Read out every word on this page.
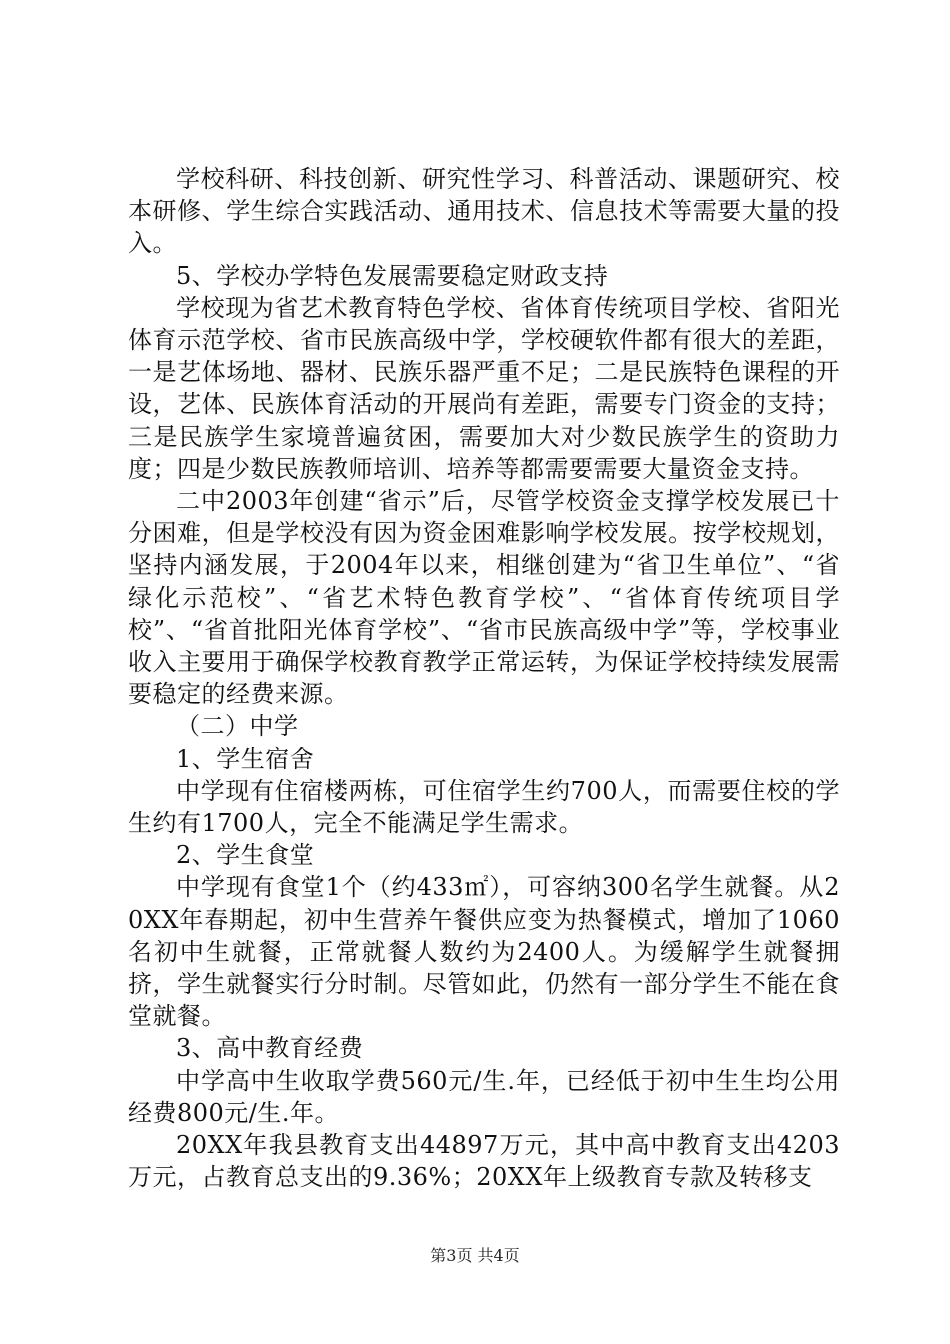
学校科研、科技创新、研究性学习、科普活动、课题研究、校本研修、学生综合实践活动、通用技术、信息技术等需要大量的投入。

5、学校办学特色发展需要稳定财政支持

学校现为省艺术教育特色学校、省体育传统项目学校、省阳光体育示范学校、省市民族高级中学，学校硬软件都有很大的差距，一是艺体场地、器材、民族乐器严重不足；二是民族特色课程的开设，艺体、民族体育活动的开展尚有差距，需要专门资金的支持；三是民族学生家境普遍贫困，需要加大对少数民族学生的资助力度；四是少数民族教师培训、培养等都需要需要大量资金支持。

二中2003年创建“省示”后，尽管学校资金支撑学校发展已十分困难，但是学校没有因为资金困难影响学校发展。按学校规划，坚持内涵发展，于2004年以来，相继创建为“省卫生单位”、“省绿化示范校”、“省艺术特色教育学校”、“省体育传统项目学校”、“省首批阳光体育学校”、“省市民族高级中学”等，学校事业收入主要用于确保学校教育教学正常运转，为保证学校持续发展需要稳定的经费来源。

（二）中学

1、学生宿舍

中学现有住宿楼两栋，可住宿学生约700人，而需要住校的学生约有1700人，完全不能满足学生需求。

2、学生食堂

中学现有食堂1个（约433㎡），可容纳300名学生就餐。从20XX年春期起，初中生营养午餐供应变为热餐模式，增加了1060名初中生就餐，正常就餐人数约为2400人。为缓解学生就餐拥挤，学生就餐实行分时制。尽管如此，仍然有一部分学生不能在食堂就餐。

3、高中教育经费

中学高中生收取学费560元/生.年，已经低于初中生生均公用经费800元/生.年。

20XX年我县教育支出44897万元，其中高中教育支出4203万元，占教育总支出的9.36%；20XX年上级教育专款及转移支

第3页 共4页
